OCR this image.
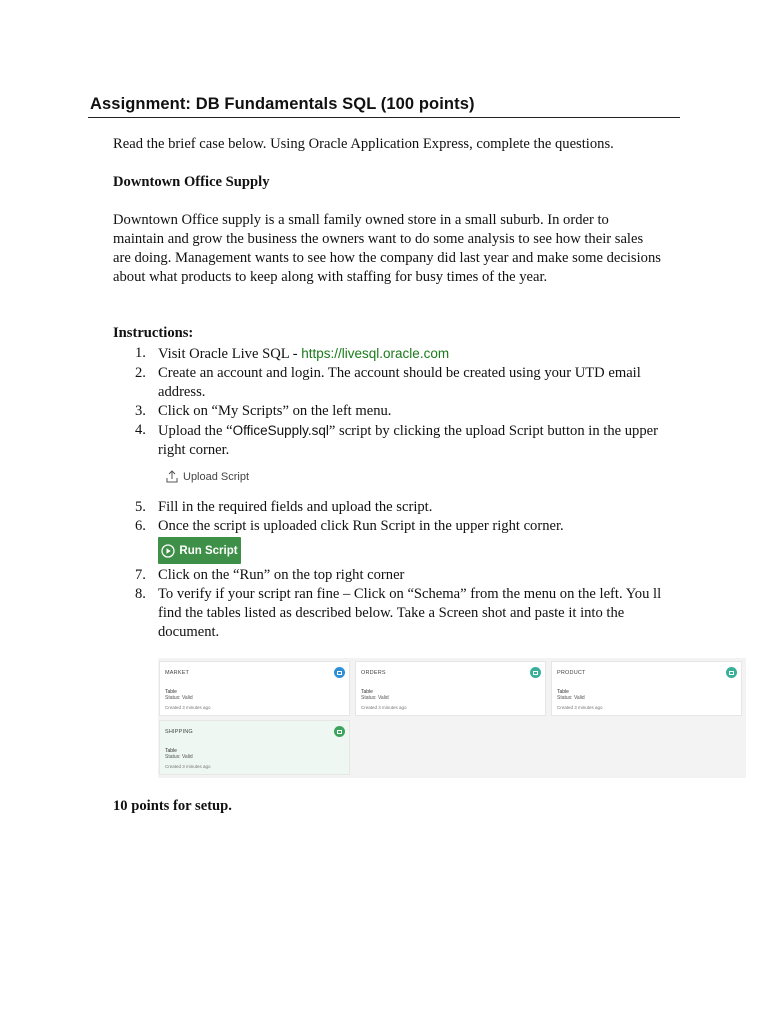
Assignment: DB Fundamentals SQL (100 points)
Read the brief case below. Using Oracle Application Express, complete the questions.
Downtown Office Supply
Downtown Office supply is a small family owned store in a small suburb. In order to maintain and grow the business the owners want to do some analysis to see how their sales are doing. Management wants to see how the company did last year and make some decisions about what products to keep along with staffing for busy times of the year.
Instructions:
1. Visit Oracle Live SQL - https://livesql.oracle.com
2. Create an account and login. The account should be created using your UTD email address.
3. Click on “My Scripts” on the left menu.
4. Upload the “OfficeSupply.sql” script by clicking the upload Script button in the upper right corner.
5. Fill in the required fields and upload the script.
6. Once the script is uploaded click Run Script in the upper right corner.
7. Click on the “Run” on the top right corner
8. To verify if your script ran fine – Click on “Schema” from the menu on the left. You ll find the tables listed as described below. Take a Screen shot and paste it into the document.
Upload Script
Run Script
MARKET
Table
Status: Valid
Created 3 minutes ago
ORDERS
Table
Status: Valid
Created 3 minutes ago
PRODUCT
Table
Status: Valid
Created 3 minutes ago
SHIPPING
Table
Status: Valid
Created 3 minutes ago
10 points for setup.
